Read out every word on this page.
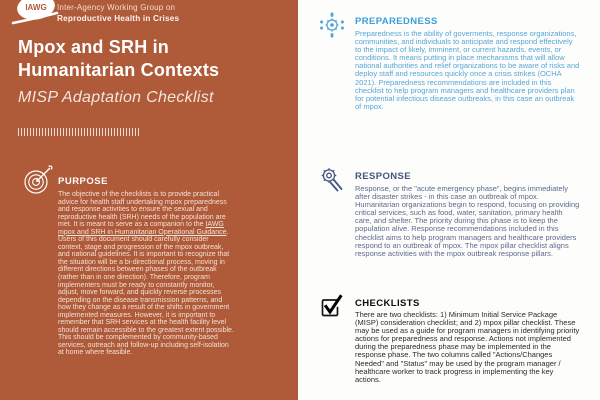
IAWG Inter-Agency Working Group on
Reproductive Health in Crises
Mpox and SRH in
Humanitarian Contexts
MISP Adaptation Checklist
PURPOSE

The objective of the checklists is to provide practical advice for health staff undertaking mpox preparedness and response activities to ensure the sexual and reproductive health (SRH) needs of the population are met. It is meant to serve as a companion to the IAWG mpox and SRH in Humanitarian Operational Guidance. Users of this document should carefully consider context, stage and progression of the mpox outbreak, and national guidelines. It is important to recognize that the situation will be a bi-directional process, moving in different directions between phases of the outbreak (rather than in one direction). Therefore, program implementers must be ready to constantly monitor, adjust, move forward, and quickly reverse processes depending on the disease transmission patterns, and how they change as a result of the shifts in government implemented measures. However, it is important to remember that SRH services at the health facility level should remain accessible to the greatest extent possible. This should be complemented by community-based services, outreach and follow-up including self-isolation at home where feasible.

PREPAREDNESS

Preparedness is the ability of goverments, response organizations, communities, and individuals to anticipate and respond effectively to the impact of likely, imminent, or current hazards, events, or conditions. It means putting in place mechanisms that will allow national authorities and relief organizations to be aware of risks and deploy staff and resources quickly once a crisis strikes (OCHA 2021). Preparedness recommendations are included in this checklist to help program managers and healthcare providers plan for potential infectious disease outbreaks, in this case an outbreak of mpox.

RESPONSE

Response, or the "acute emergency phase", begins immediately after disaster strikes - in this case an outbreak of mpox. Humanitarian organizations begin to respond, focusing on providing critical services, such as food, water, sanitation, primary health care, and shelter. The priority during this phase is to keep the population alive. Response recommendations included in this checklist aims to help program managers and healthcare providers respond to an outbreak of mpox. The mpox pillar checklist aligns response activities with the mpox outbreak response pillars.

CHECKLISTS

There are two checklists: 1) Minimum Initial Service Package (MISP) consideration checklist; and 2) mpox pillar checklist. These may be used as a guide for program managers in identifying priority actions for preparedness and response. Actions not implemented during the preparedness phase may be implemented in the response phase. The two columns called "Actions/Changes Needed" and "Status" may be used by the program manager / healthcare worker to track progress in implementing the key actions.
